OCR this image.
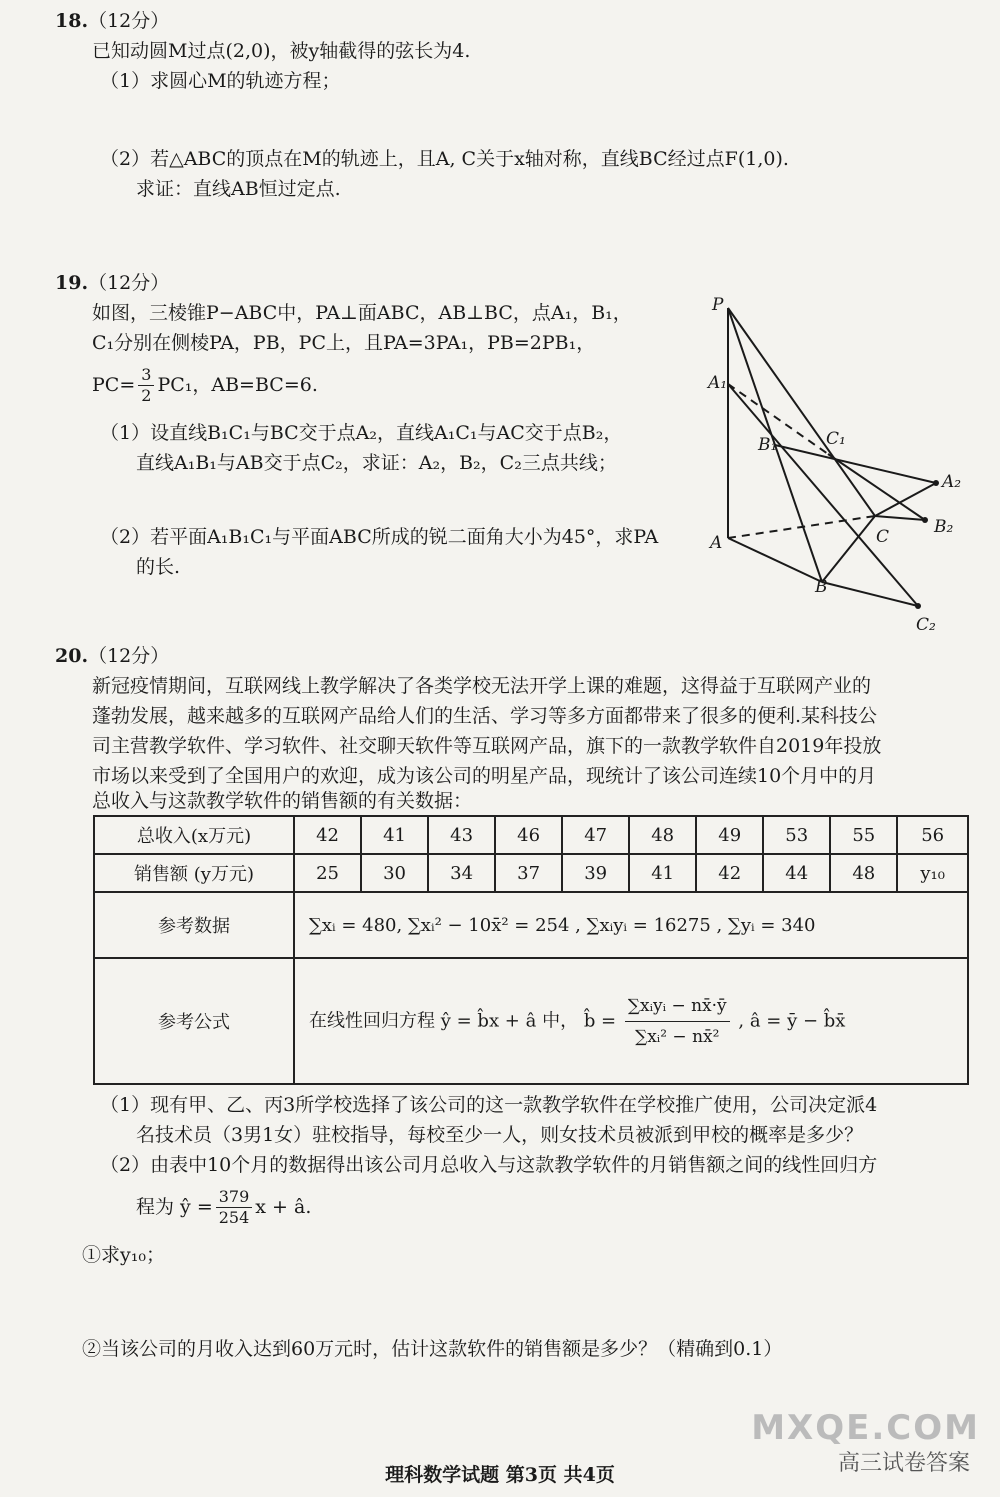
18.（12分）
已知动圆M过点(2,0)，被y轴截得的弦长为4.
（1）求圆心M的轨迹方程；
（2）若△ABC的顶点在M的轨迹上，且A, C关于x轴对称，直线BC经过点F(1,0).
求证：直线AB恒过定点.
19.（12分）
如图，三棱锥P−ABC中，PA⊥面ABC，AB⊥BC，点A₁，B₁，
C₁分别在侧棱PA，PB，PC上，且PA=3PA₁，PB=2PB₁，
$PC= \frac{3}{2} PC_1$，AB=BC=6.
（1）设直线B₁C₁与BC交于点A₂，直线A₁C₁与AC交于点B₂，
直线A₁B₁与AB交于点C₂，求证：A₂，B₂，C₂三点共线；
（2）若平面A₁B₁C₁与平面ABC所成的锐二面角大小为45°，求PA
的长.
P
A₁
B₁	C₁
A₂
B₂
A	C
B
C₂
20.（12分）
新冠疫情期间，互联网线上教学解决了各类学校无法开学上课的难题，这得益于互联网产业的
蓬勃发展，越来越多的互联网产品给人们的生活、学习等多方面都带来了很多的便利.某科技公
司主营教学软件、学习软件、社交聊天软件等互联网产品，旗下的一款教学软件自2019年投放
市场以来受到了全国用户的欢迎，成为该公司的明星产品，现统计了该公司连续10个月中的月
总收入与这款教学软件的销售额的有关数据：
总收入(x万元)	42	41	43	46	47	48	49	53	55	56
销售额 (y万元)	25	30	34	37	39	41	42	44	48	y₁₀
参考数据	∑xᵢ = 480, ∑xᵢ² − 10x̄² = 254 , ∑xᵢyᵢ = 16275 , ∑yᵢ = 340									
参考公式	在线性回归方程 ŷ = b̂x + â 中， b̂ = $\frac{\text{∑xᵢyᵢ − nx̄·ȳ}}{\text{∑xᵢ² − nx̄²}}$ , â = ȳ − b̂x̄									
（1）现有甲、乙、丙3所学校选择了该公司的这一款教学软件在学校推广使用，公司决定派4
名技术员（3男1女）驻校指导，每校至少一人，则女技术员被派到甲校的概率是多少？
（2）由表中10个月的数据得出该公司月总收入与这款教学软件的月销售额之间的线性回归方
程为 ŷ = $\frac{379}{254}$ x + â.
①求y₁₀；
②当该公司的月收入达到60万元时，估计这款软件的销售额是多少？（精确到0.1）
MXQE.COM
高三试卷答案
理科数学试题 第3页 共4页
